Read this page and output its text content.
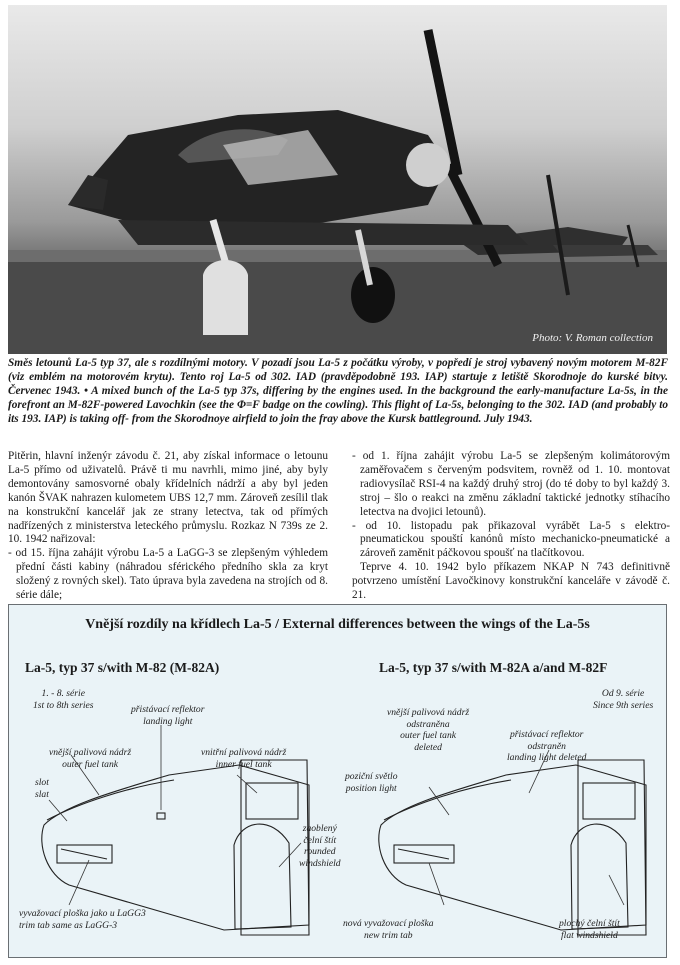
Photo: V. Roman collection
Směs letounů La-5 typ 37, ale s rozdílnými motory. V pozadí jsou La-5 z počátku výroby, v popředí je stroj vybavený novým motorem M-82F (viz emblém na motorovém krytu). Tento roj La-5 od 302. IAD (pravděpodobně 193. IAP) startuje z letiště Skorodnoje do kurské bitvy. Červenec 1943. • A mixed bunch of the La-5 typ 37s, differing by the engines used. In the background the early-manufacture La-5s, in the forefront an M-82F-powered Lavochkin (see the Φ=F badge on the cowling). This flight of La-5s, belonging to the 302. IAD (and probably to its 193. IAP) is taking off- from the Skorodnoye airfield to join the fray above the Kursk battleground. July 1943.

Pitěrin, hlavní inženýr závodu č. 21, aby získal informace o letounu La-5 přímo od uživatelů. Právě ti mu navrhli, mimo jiné, aby byly demontovány samosvorné obaly křídelních nádrží a aby byl jeden kanón ŠVAK nahrazen kulometem UBS 12,7 mm. Zároveň zesílil tlak na konstrukční kancelář jak ze strany letectva, tak od přímých nadřízených z ministerstva leteckého průmyslu. Rozkaz N 739s ze 2. 10. 1942 nařizoval:

- od 15. října zahájit výrobu La-5 a LaGG-3 se zlepšeným výhledem přední části kabiny (náhradou sférického předního skla za kryt složený z rovných skel). Tato úprava byla zavedena na strojích od 8. série dále;

- od 1. října zahájit výrobu La-5 se zlepšeným kolimátorovým zaměřovačem s červeným podsvitem, rovněž od 1. 10. montovat radiovysílač RSI-4 na každý druhý stroj (do té doby to byl každý 3. stroj – šlo o reakci na změnu základní taktické jednotky stíhacího letectva na dvojici letounů).

- od 10. listopadu pak přikazoval vyrábět La-5 s elektro-pneumatickou spouští kanónů místo mechanicko-pneumatické a zároveň zaměnit páčkovou spoušť na tlačítkovou.

Teprve 4. 10. 1942 bylo příkazem NKAP N 743 definitivně potvrzeno umístění Lavočkinovy konstrukční kanceláře v závodě č. 21.

Vnější rozdíly na křídlech La-5 / External differences between the wings of the La-5s
La-5, typ 37 s/with M-82 (M-82A)	La-5, typ 37 s/with M-82A a/and M-82F
1. - 8. série
1st to 8th series	přistávací reflektor
landing light
vnější palivová nádrž
outer fuel tank
vnitřní palivová nádrž
inner fuel tank
slot
slat
zaoblený
čelní štít
rounded
windshield
vyvažovací ploška jako u LaGG3
trim tab same as LaGG-3
Od 9. série
Since 9th series
vnější palivová nádrž
odstraněna
outer fuel tank
deleted
přistávací reflektor
odstraněn
landing light deleted
poziční světlo
position light
nová vyvažovací ploška
new trim tab
plochý čelní štít
flat windshield
